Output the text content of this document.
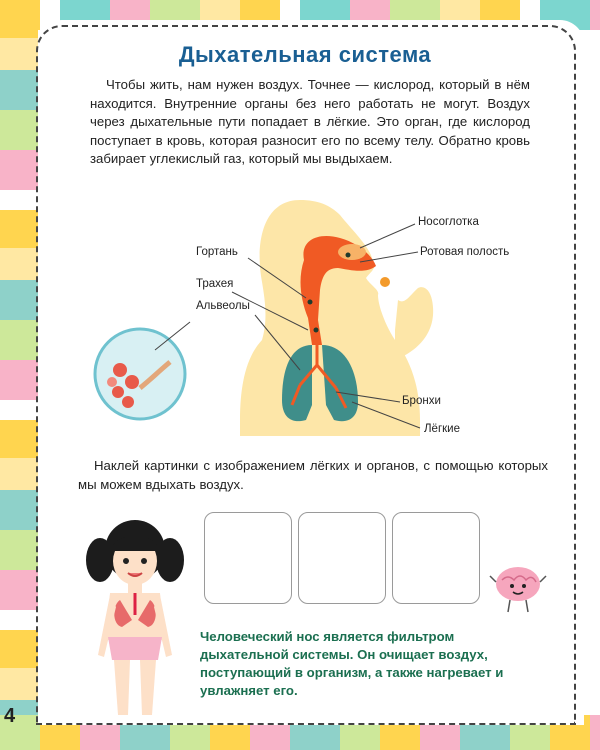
Дыхательная система
Чтобы жить, нам нужен воздух. Точнее — кислород, который в нём находится. Внутренние органы без него работать не могут. Воздух через дыхательные пути попадает в лёгкие. Это орган, где кислород поступает в кровь, которая разносит его по всему телу. Обратно кровь забирает углекислый газ, который мы выдыхаем.
Носоглотка
Ротовая полость
Гортань
Трахея
Альвеолы
Бронхи
Лёгкие
Наклей картинки с изображением лёгких и органов, с помощью которых мы можем вдыхать воздух.
Человеческий нос является фильтром дыхательной системы. Он очищает воздух, поступающий в организм, а также нагревает и увлажняет его.
4
